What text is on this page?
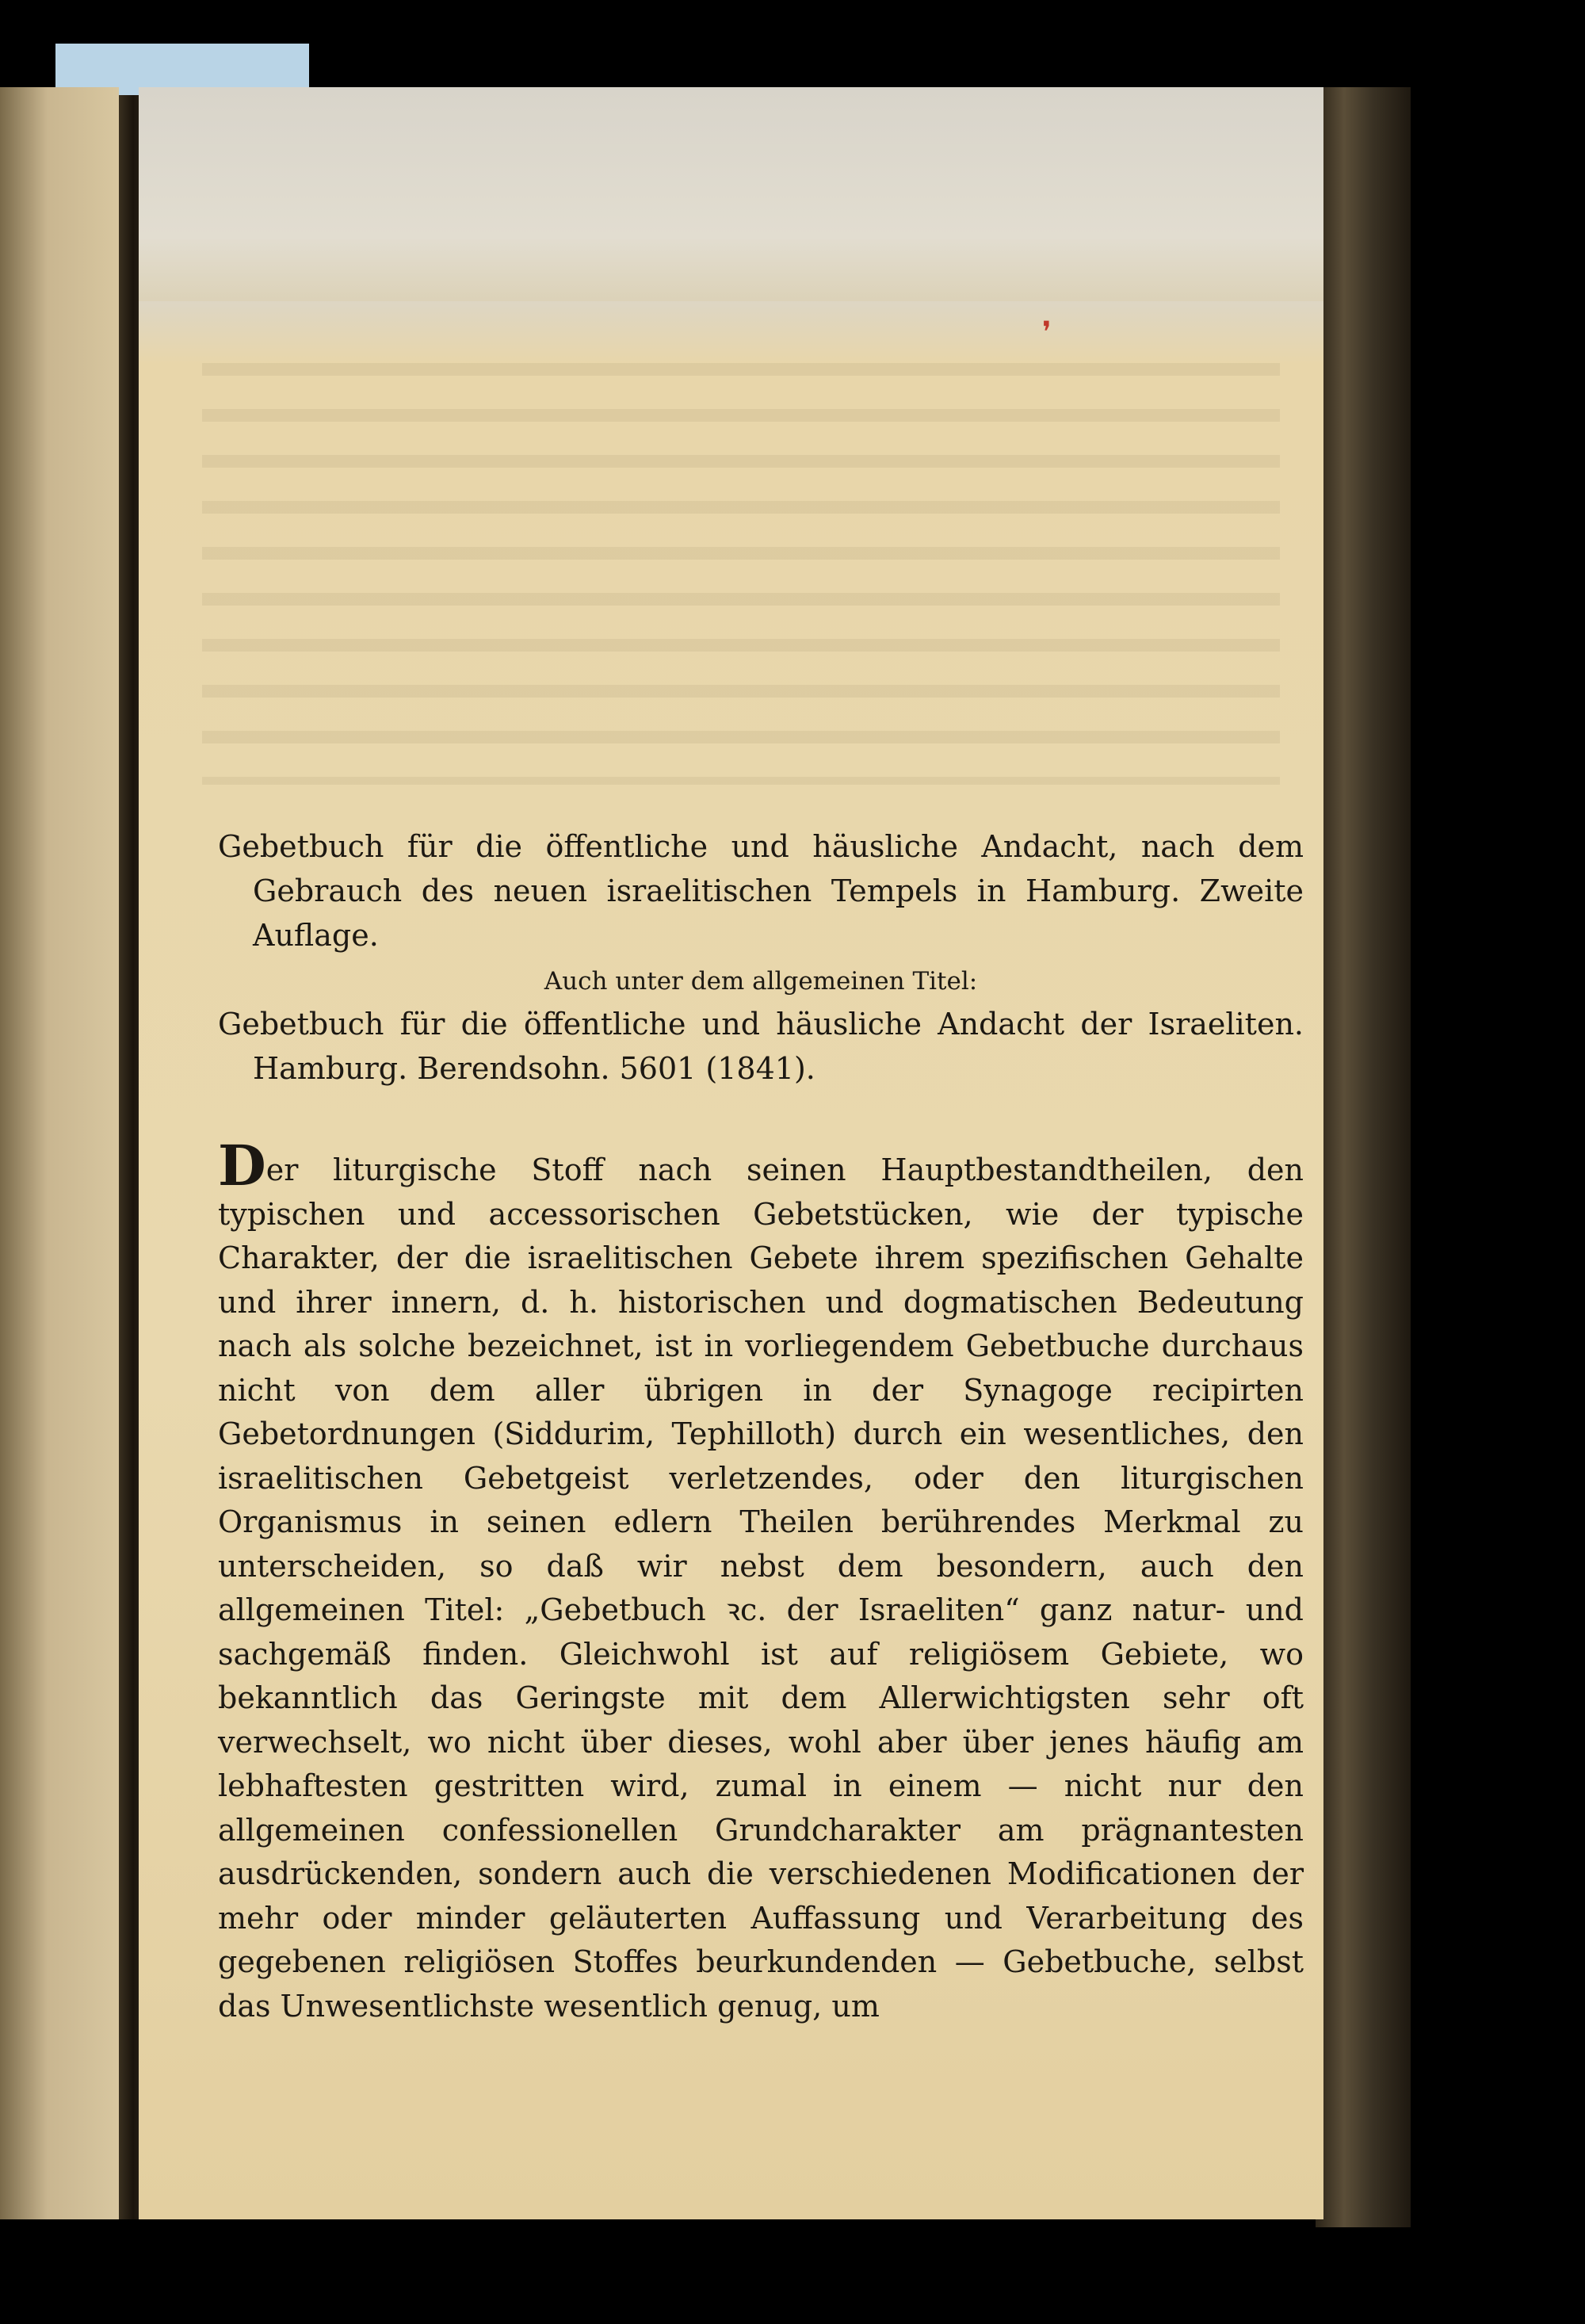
❜

Gebetbuch für die öffentliche und häusliche Andacht, nach dem Gebrauch des neuen israelitischen Tempels in Hamburg. Zweite Auflage.

Auch unter dem allgemeinen Titel:

Gebetbuch für die öffentliche und häusliche Andacht der Israeliten. Hamburg. Berendsohn. 5601 (1841).

Der liturgische Stoff nach seinen Hauptbestandtheilen, den typischen und accessorischen Gebetstücken, wie der typische Charakter, der die israelitischen Gebete ihrem spezifischen Gehalte und ihrer innern, d. h. historischen und dogmatischen Bedeutung nach als solche bezeichnet, ist in vorliegendem Gebetbuche durchaus nicht von dem aller übrigen in der Synagoge recipirten Gebetordnungen (Siddurim, Tephilloth) durch ein wesentliches, den israelitischen Gebetgeist verletzendes, oder den liturgischen Organismus in seinen edlern Theilen berührendes Merkmal zu unterscheiden, so daß wir nebst dem besondern, auch den allgemeinen Titel: „Gebetbuch ꝛc. der Israeliten“ ganz natur- und sachgemäß finden. Gleichwohl ist auf religiösem Gebiete, wo bekanntlich das Geringste mit dem Allerwichtigsten sehr oft verwechselt, wo nicht über dieses, wohl aber über jenes häufig am lebhaftesten gestritten wird, zumal in einem — nicht nur den allgemeinen confessionellen Grundcharakter am prägnantesten ausdrückenden, sondern auch die verschiedenen Modificationen der mehr oder minder geläuterten Auffassung und Verarbeitung des gegebenen religiösen Stoffes beurkundenden — Gebetbuche, selbst das Unwesentlichste wesentlich genug, um
